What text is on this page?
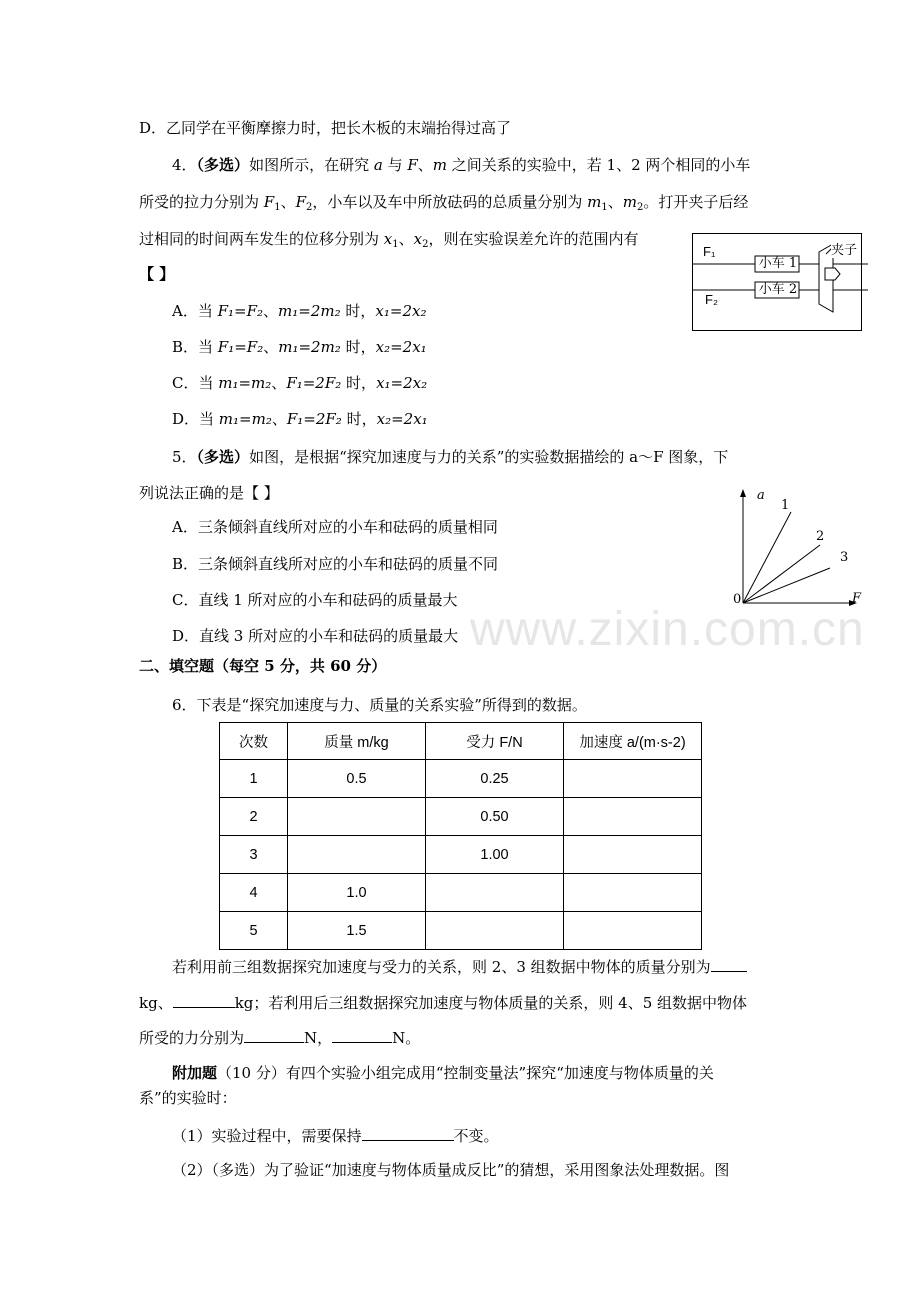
D．乙同学在平衡摩擦力时，把长木板的末端抬得过高了
4．（多选）如图所示，在研究 a 与 F、m 之间关系的实验中，若 1、2 两个相同的小车
所受的拉力分别为 $F_1$、$F_2$，小车以及车中所放砝码的总质量分别为 $m_1$、$m_2$。打开夹子后经
过相同的时间两车发生的位移分别为 $x_1$、$x_2$，则在实验误差允许的范围内有
【 】
A．当 F₁=F₂、m₁=2m₂ 时，x₁=2x₂
B．当 F₁=F₂、m₁=2m₂ 时，x₂=2x₁
C．当 m₁=m₂、F₁=2F₂ 时，x₁=2x₂
D．当 m₁=m₂、F₁=2F₂ 时，x₂=2x₁
F₁
F₂
小车 1
小车 2
夹子
5．（多选）如图，是根据“探究加速度与力的关系”的实验数据描绘的 a～F 图象，下
列说法正确的是【 】
A．三条倾斜直线所对应的小车和砝码的质量相同
B．三条倾斜直线所对应的小车和砝码的质量不同
C．直线 1 所对应的小车和砝码的质量最大
D．直线 3 所对应的小车和砝码的质量最大
a
F
0
1
2
3
二、填空题（每空 5 分，共 60 分）
6．下表是“探究加速度与力、质量的关系实验”所得到的数据。
次数	质量 m/kg	受力 F/N	加速度 a/(m·s-2)
1	0.5	0.25	
2		0.50	
3		1.00	
4	1.0		
5	1.5		
若利用前三组数据探究加速度与受力的关系，则 2、3 组数据中物体的质量分别为
kg、	kg；若利用后三组数据探究加速度与物体质量的关系，则 4、5 组数据中物体
所受的力分别为	N，	N。
附加题（10 分）有四个实验小组完成用“控制变量法”探究“加速度与物体质量的关
系”的实验时：
（1）实验过程中，需要保持	不变。
（2）（多选）为了验证“加速度与物体质量成反比”的猜想，采用图象法处理数据。图
www.zixin.com.cn
